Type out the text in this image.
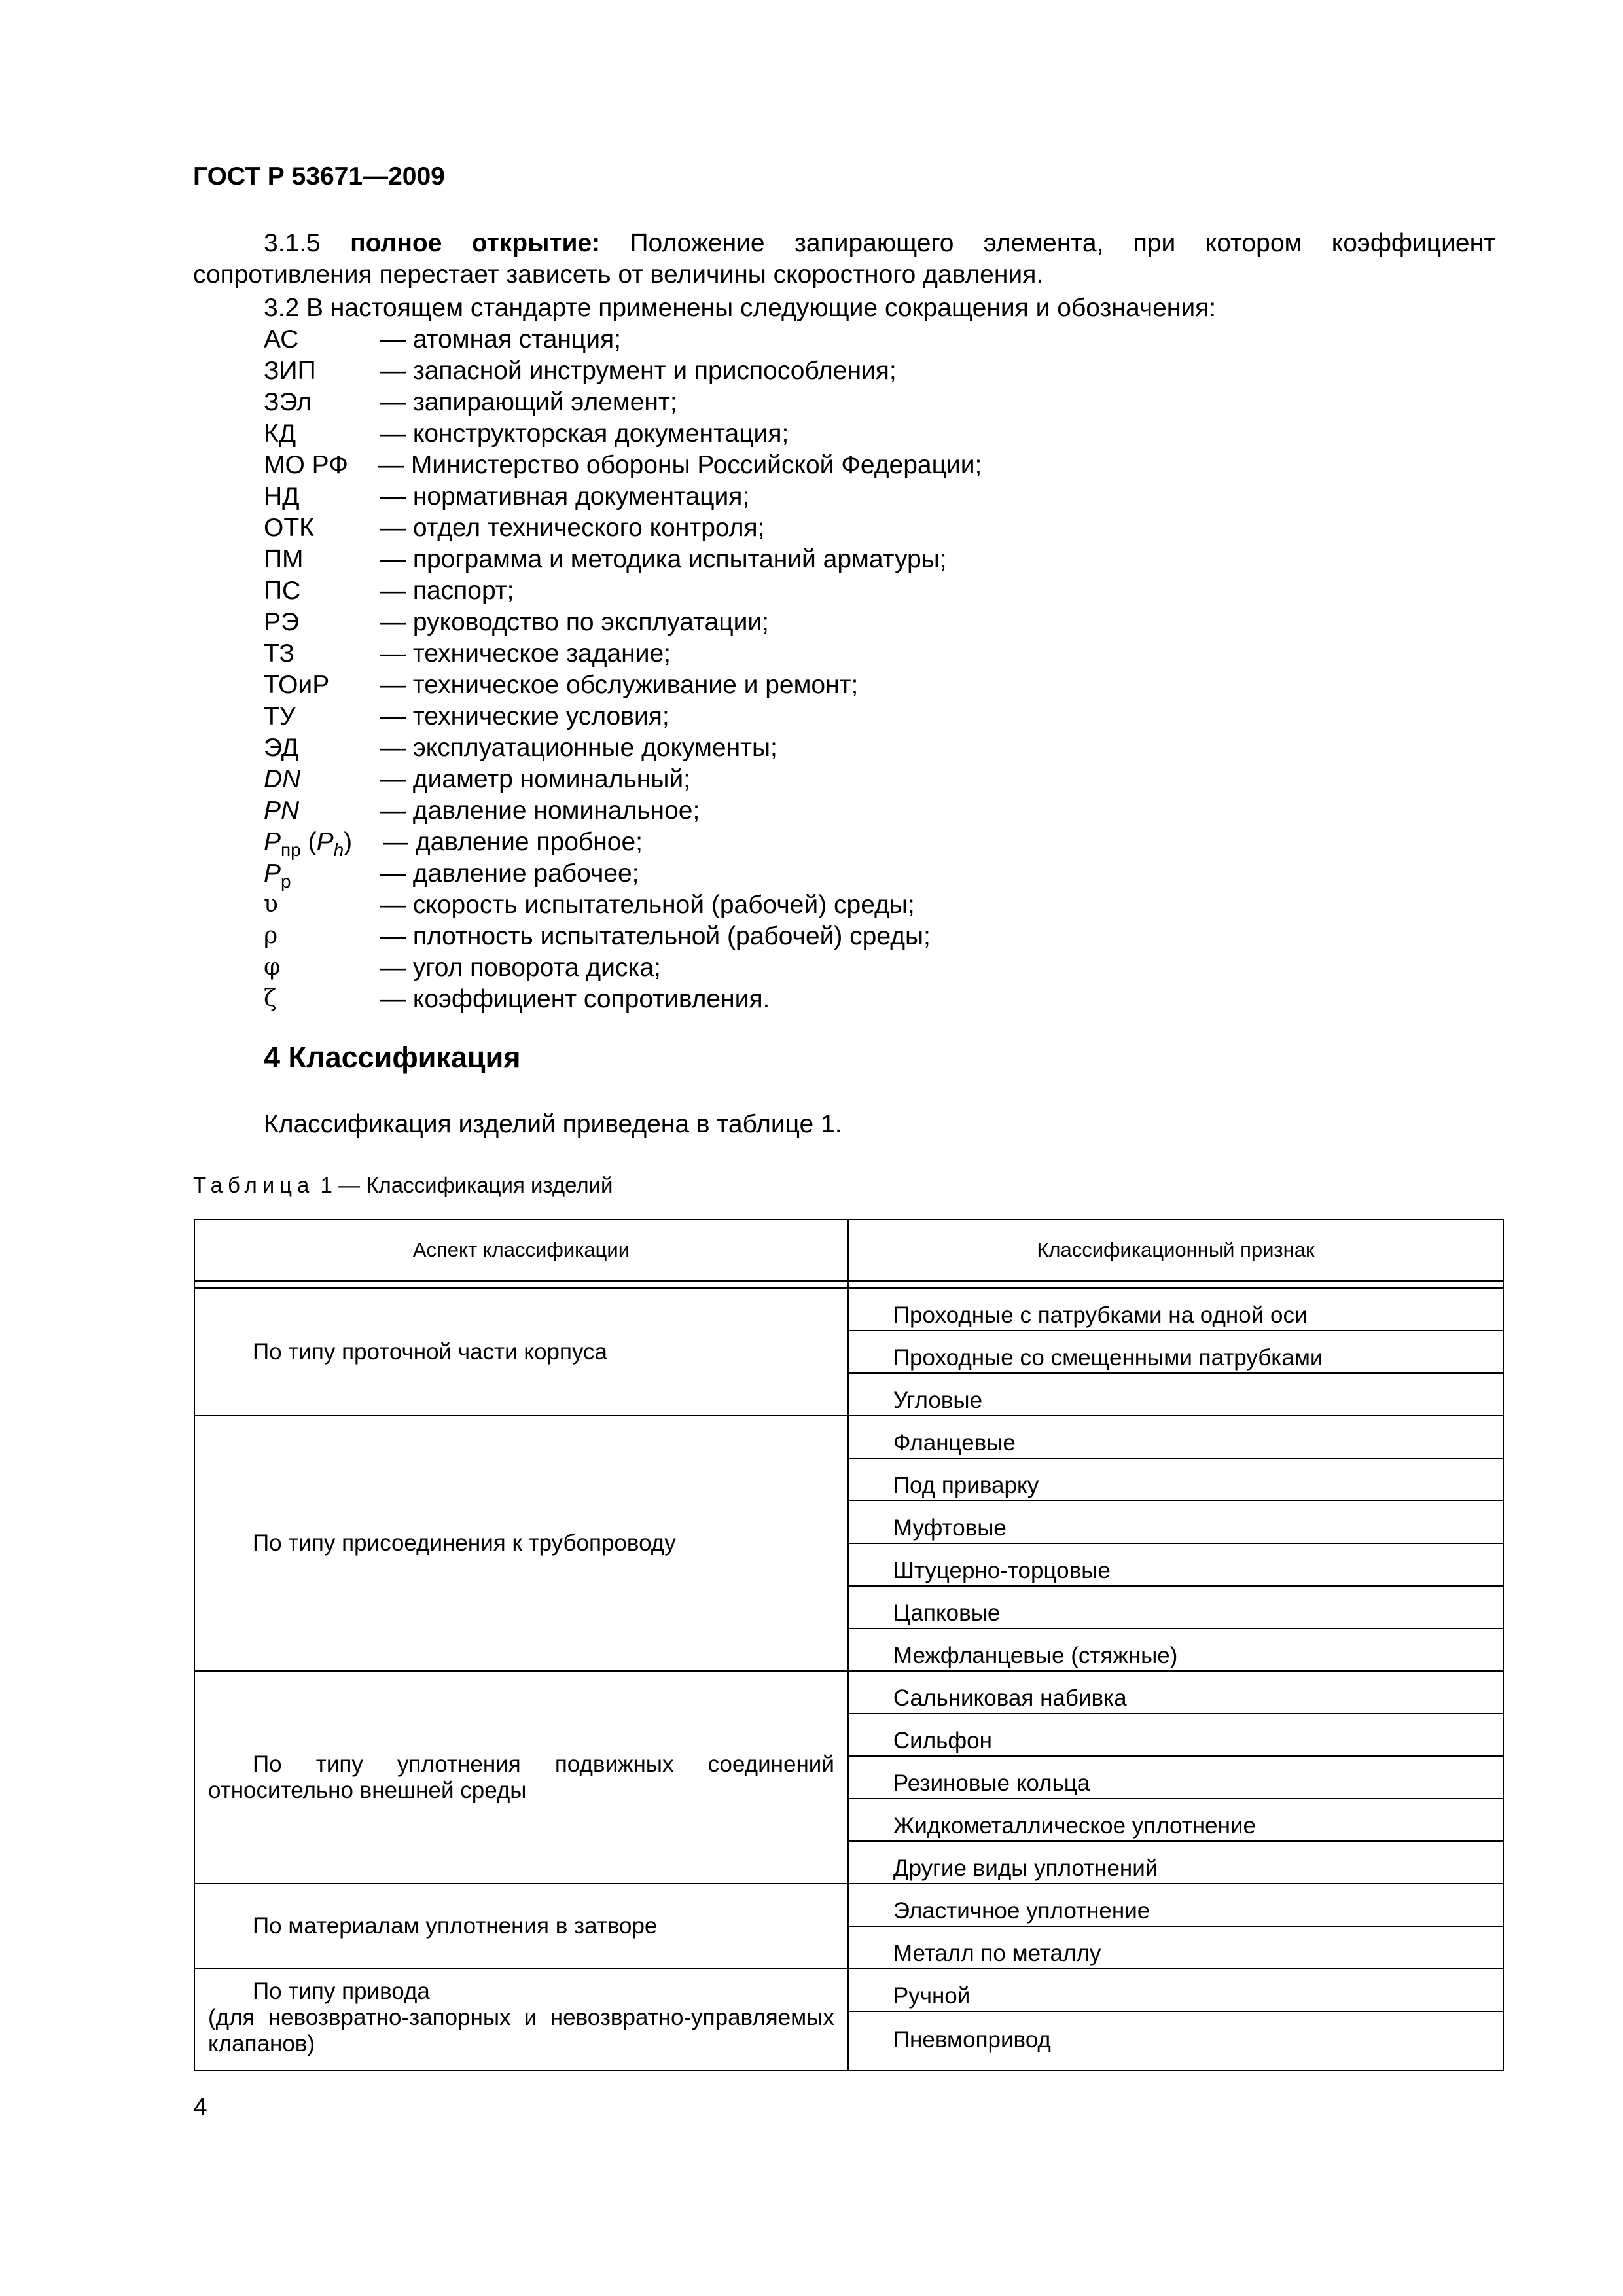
ГОСТ Р 53671—2009
3.1.5 полное открытие: Положение запирающего элемента, при котором коэффициент сопротивления перестает зависеть от величины скоростного давления.
3.2 В настоящем стандарте применены следующие сокращения и обозначения:
АС	— атомная станция;
ЗИП	— запасной инструмент и приспособления;
ЗЭл	— запирающий элемент;
КД	— конструкторская документация;
МО РФ — Министерство обороны Российской Федерации;
НД	— нормативная документация;
ОТК	— отдел технического контроля;
ПМ	— программа и методика испытаний арматуры;
ПС	— паспорт;
РЭ	— руководство по эксплуатации;
ТЗ	— техническое задание;
ТОиР — техническое обслуживание и ремонт;
ТУ	— технические условия;
ЭД	— эксплуатационные документы;
DN	— диаметр номинальный;
PN	— давление номинальное;
$P_{пр}$ $(P_h)$ — давление пробное;
$P_р$	— давление рабочее;
υ	— скорость испытательной (рабочей) среды;
ρ	— плотность испытательной (рабочей) среды;
φ	— угол поворота диска;
ζ	— коэффициент сопротивления.
4 Классификация
Классификация изделий приведена в таблице 1.
Таблица 1 — Классификация изделий
Аспект классификации	Классификационный признак

По типу проточной части корпуса	Проходные с патрубками на одной оси
	Проходные со смещенными патрубками
	Угловые

По типу присоединения к трубопроводу	Фланцевые
	Под приварку
	Муфтовые
	Штуцерно-торцовые
	Цапковые
	Межфланцевые (стяжные)

По типу уплотнения подвижных соединений относительно внешней среды	Сальниковая набивка
	Сильфон
	Резиновые кольца
	Жидкометаллическое уплотнение
	Другие виды уплотнений

По материалам уплотнения в затворе	Эластичное уплотнение
	Металл по металлу

По типу привода
(для невозвратно-запорных и невозвратно-управляемых клапанов)	Ручной
	Пневмопривод
4
